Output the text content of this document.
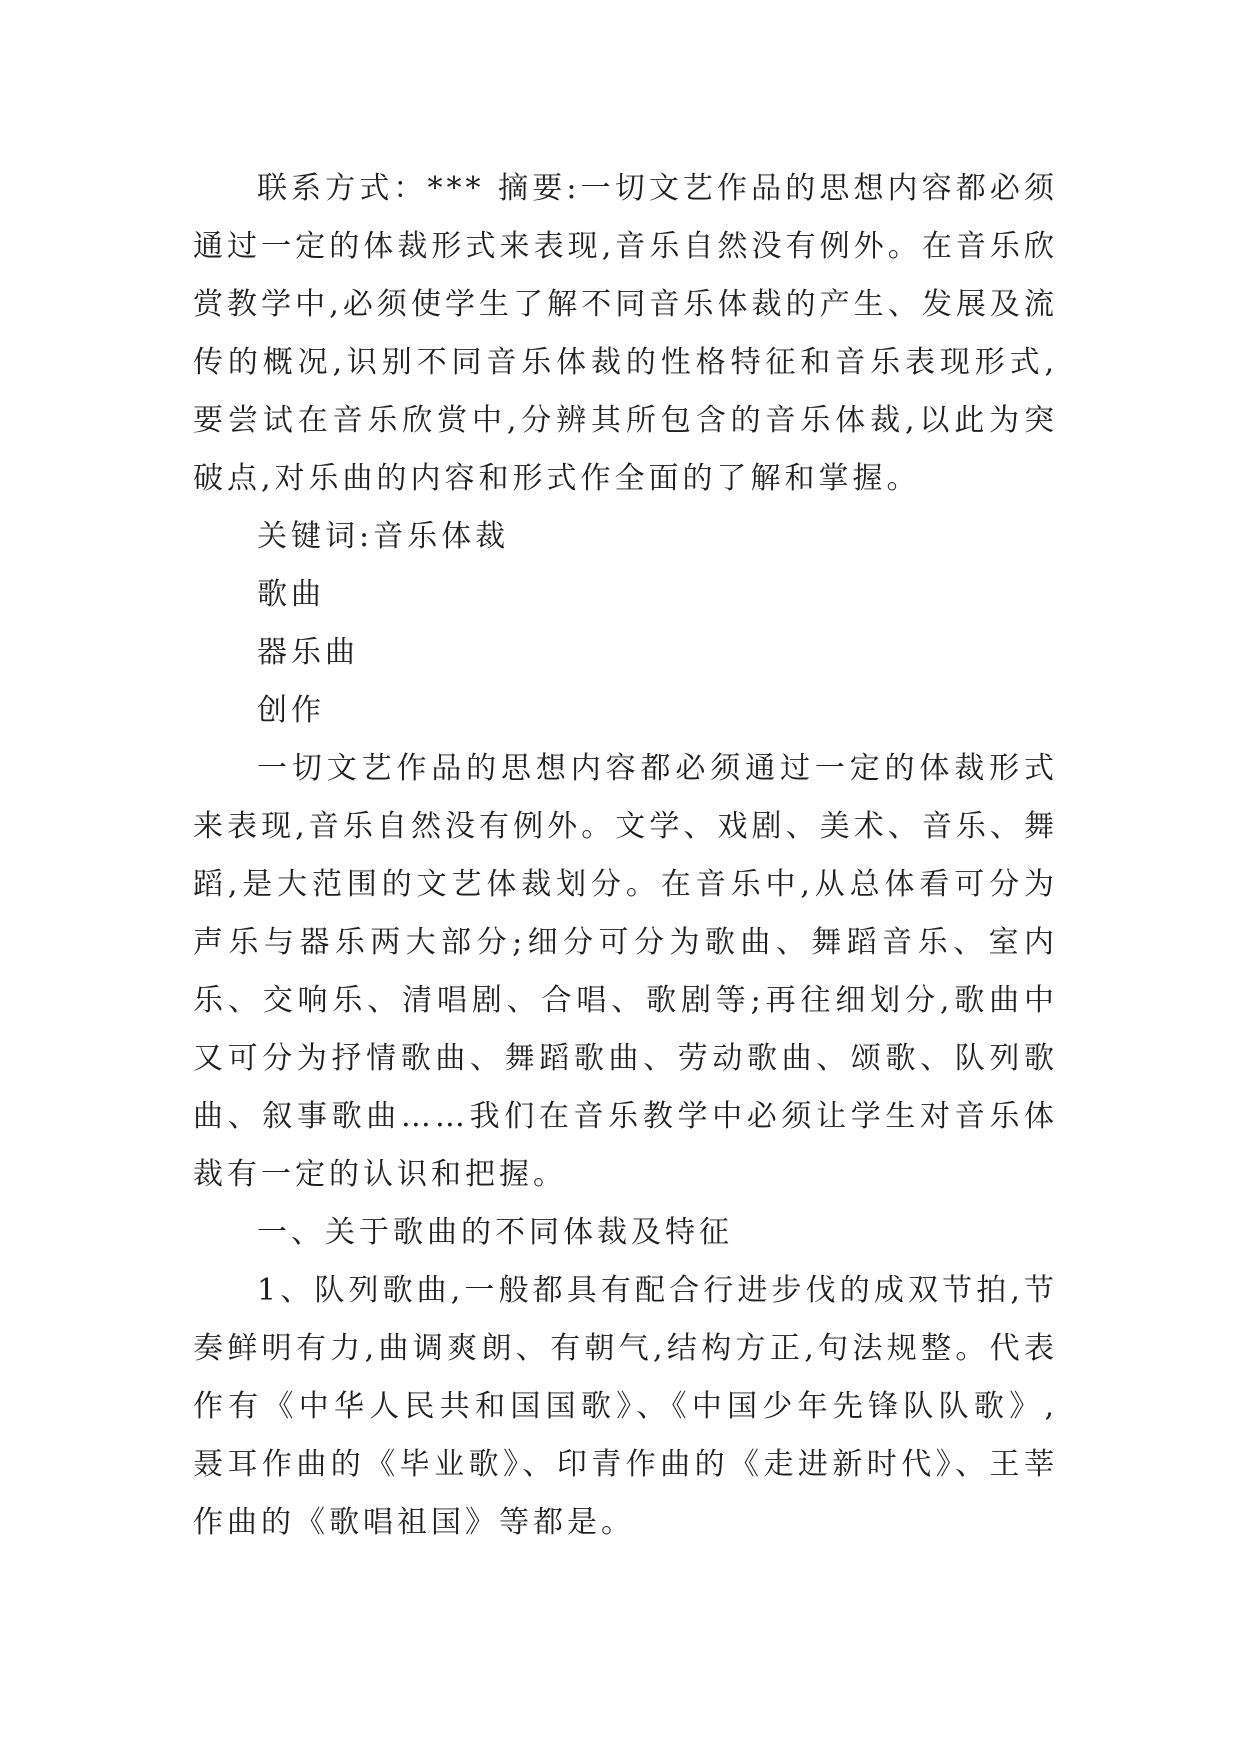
联系方式：*** 摘要:一切文艺作品的思想内容都必须通过一定的体裁形式来表现,音乐自然没有例外。在音乐欣赏教学中,必须使学生了解不同音乐体裁的产生、发展及流传的概况,识别不同音乐体裁的性格特征和音乐表现形式,要尝试在音乐欣赏中,分辨其所包含的音乐体裁,以此为突破点,对乐曲的内容和形式作全面的了解和掌握。

关键词:音乐体裁

歌曲

器乐曲

创作

一切文艺作品的思想内容都必须通过一定的体裁形式来表现,音乐自然没有例外。文学、戏剧、美术、音乐、舞蹈,是大范围的文艺体裁划分。在音乐中,从总体看可分为声乐与器乐两大部分;细分可分为歌曲、舞蹈音乐、室内乐、交响乐、清唱剧、合唱、歌剧等;再往细划分,歌曲中又可分为抒情歌曲、舞蹈歌曲、劳动歌曲、颂歌、队列歌曲、叙事歌曲……我们在音乐教学中必须让学生对音乐体裁有一定的认识和把握。

一、关于歌曲的不同体裁及特征

1、队列歌曲,一般都具有配合行进步伐的成双节拍,节奏鲜明有力,曲调爽朗、有朝气,结构方正,句法规整。代表作有《中华人民共和国国歌》、《中国少年先锋队队歌》,聂耳作曲的《毕业歌》、印青作曲的《走进新时代》、王莘作曲的《歌唱祖国》等都是。
